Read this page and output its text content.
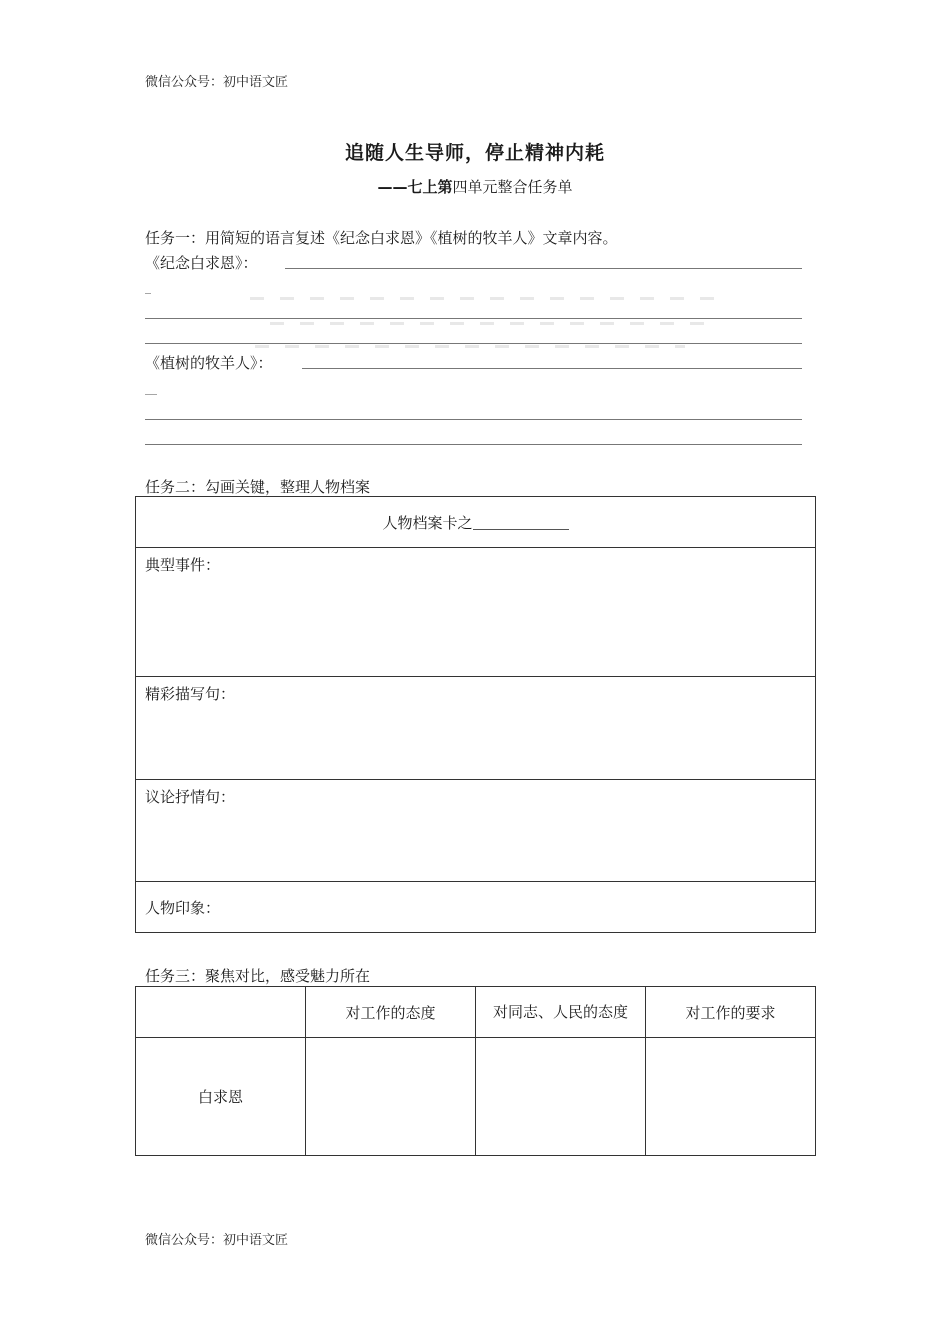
微信公众号：初中语文匠
追随人生导师，停止精神内耗
——七上第四单元整合任务单
任务一：用简短的语言复述《纪念白求恩》《植树的牧羊人》文章内容。
《纪念白求恩》：
_
《植树的牧羊人》：
__
任务二：勾画关键，整理人物档案
人物档案卡之

典型事件：

精彩描写句：

议论抒情句：

人物印象：
任务三：聚焦对比，感受魅力所在
	对工作的态度	对同志、人民的态度	对工作的要求
白求恩			
微信公众号：初中语文匠
